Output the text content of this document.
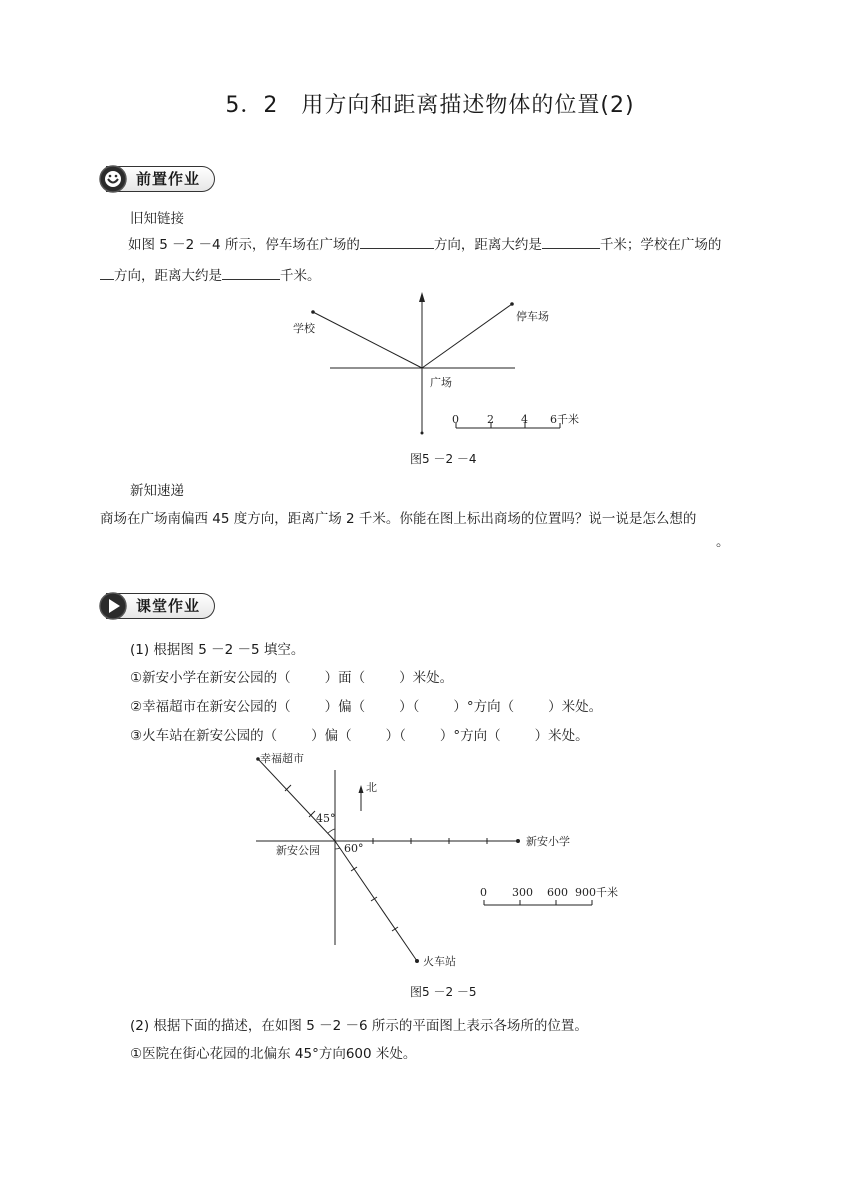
5．2　用方向和距离描述物体的位置(2)
前置作业
旧知链接
如图 5 －2 －4 所示，停车场在广场的	方向，距离大约是	千米；学校在广场的
方向，距离大约是	千米。
学校
停车场
广场
0	2 4 6千米
图5 －2 －4
新知速递
商场在广场南偏西 45 度方向，距离广场 2 千米。你能在图上标出商场的位置吗？说一说是怎么想的
。
课堂作业
(1) 根据图 5 －2 －5 填空。
①新安小学在新安公园的（	）面（	）米处。
②幸福超市在新安公园的（	）偏（	）（	）°方向（	）米处。
③火车站在新安公园的（	）偏（	）（	）°方向（	）米处。
幸福超市
北
45°
60°
新安公园
新安小学
火车站
0 300 600 900千米
图5 －2 －5
(2) 根据下面的描述，在如图 5 －2 －6 所示的平面图上表示各场所的位置。
①医院在街心花园的北偏东 45°方向600 米处。
